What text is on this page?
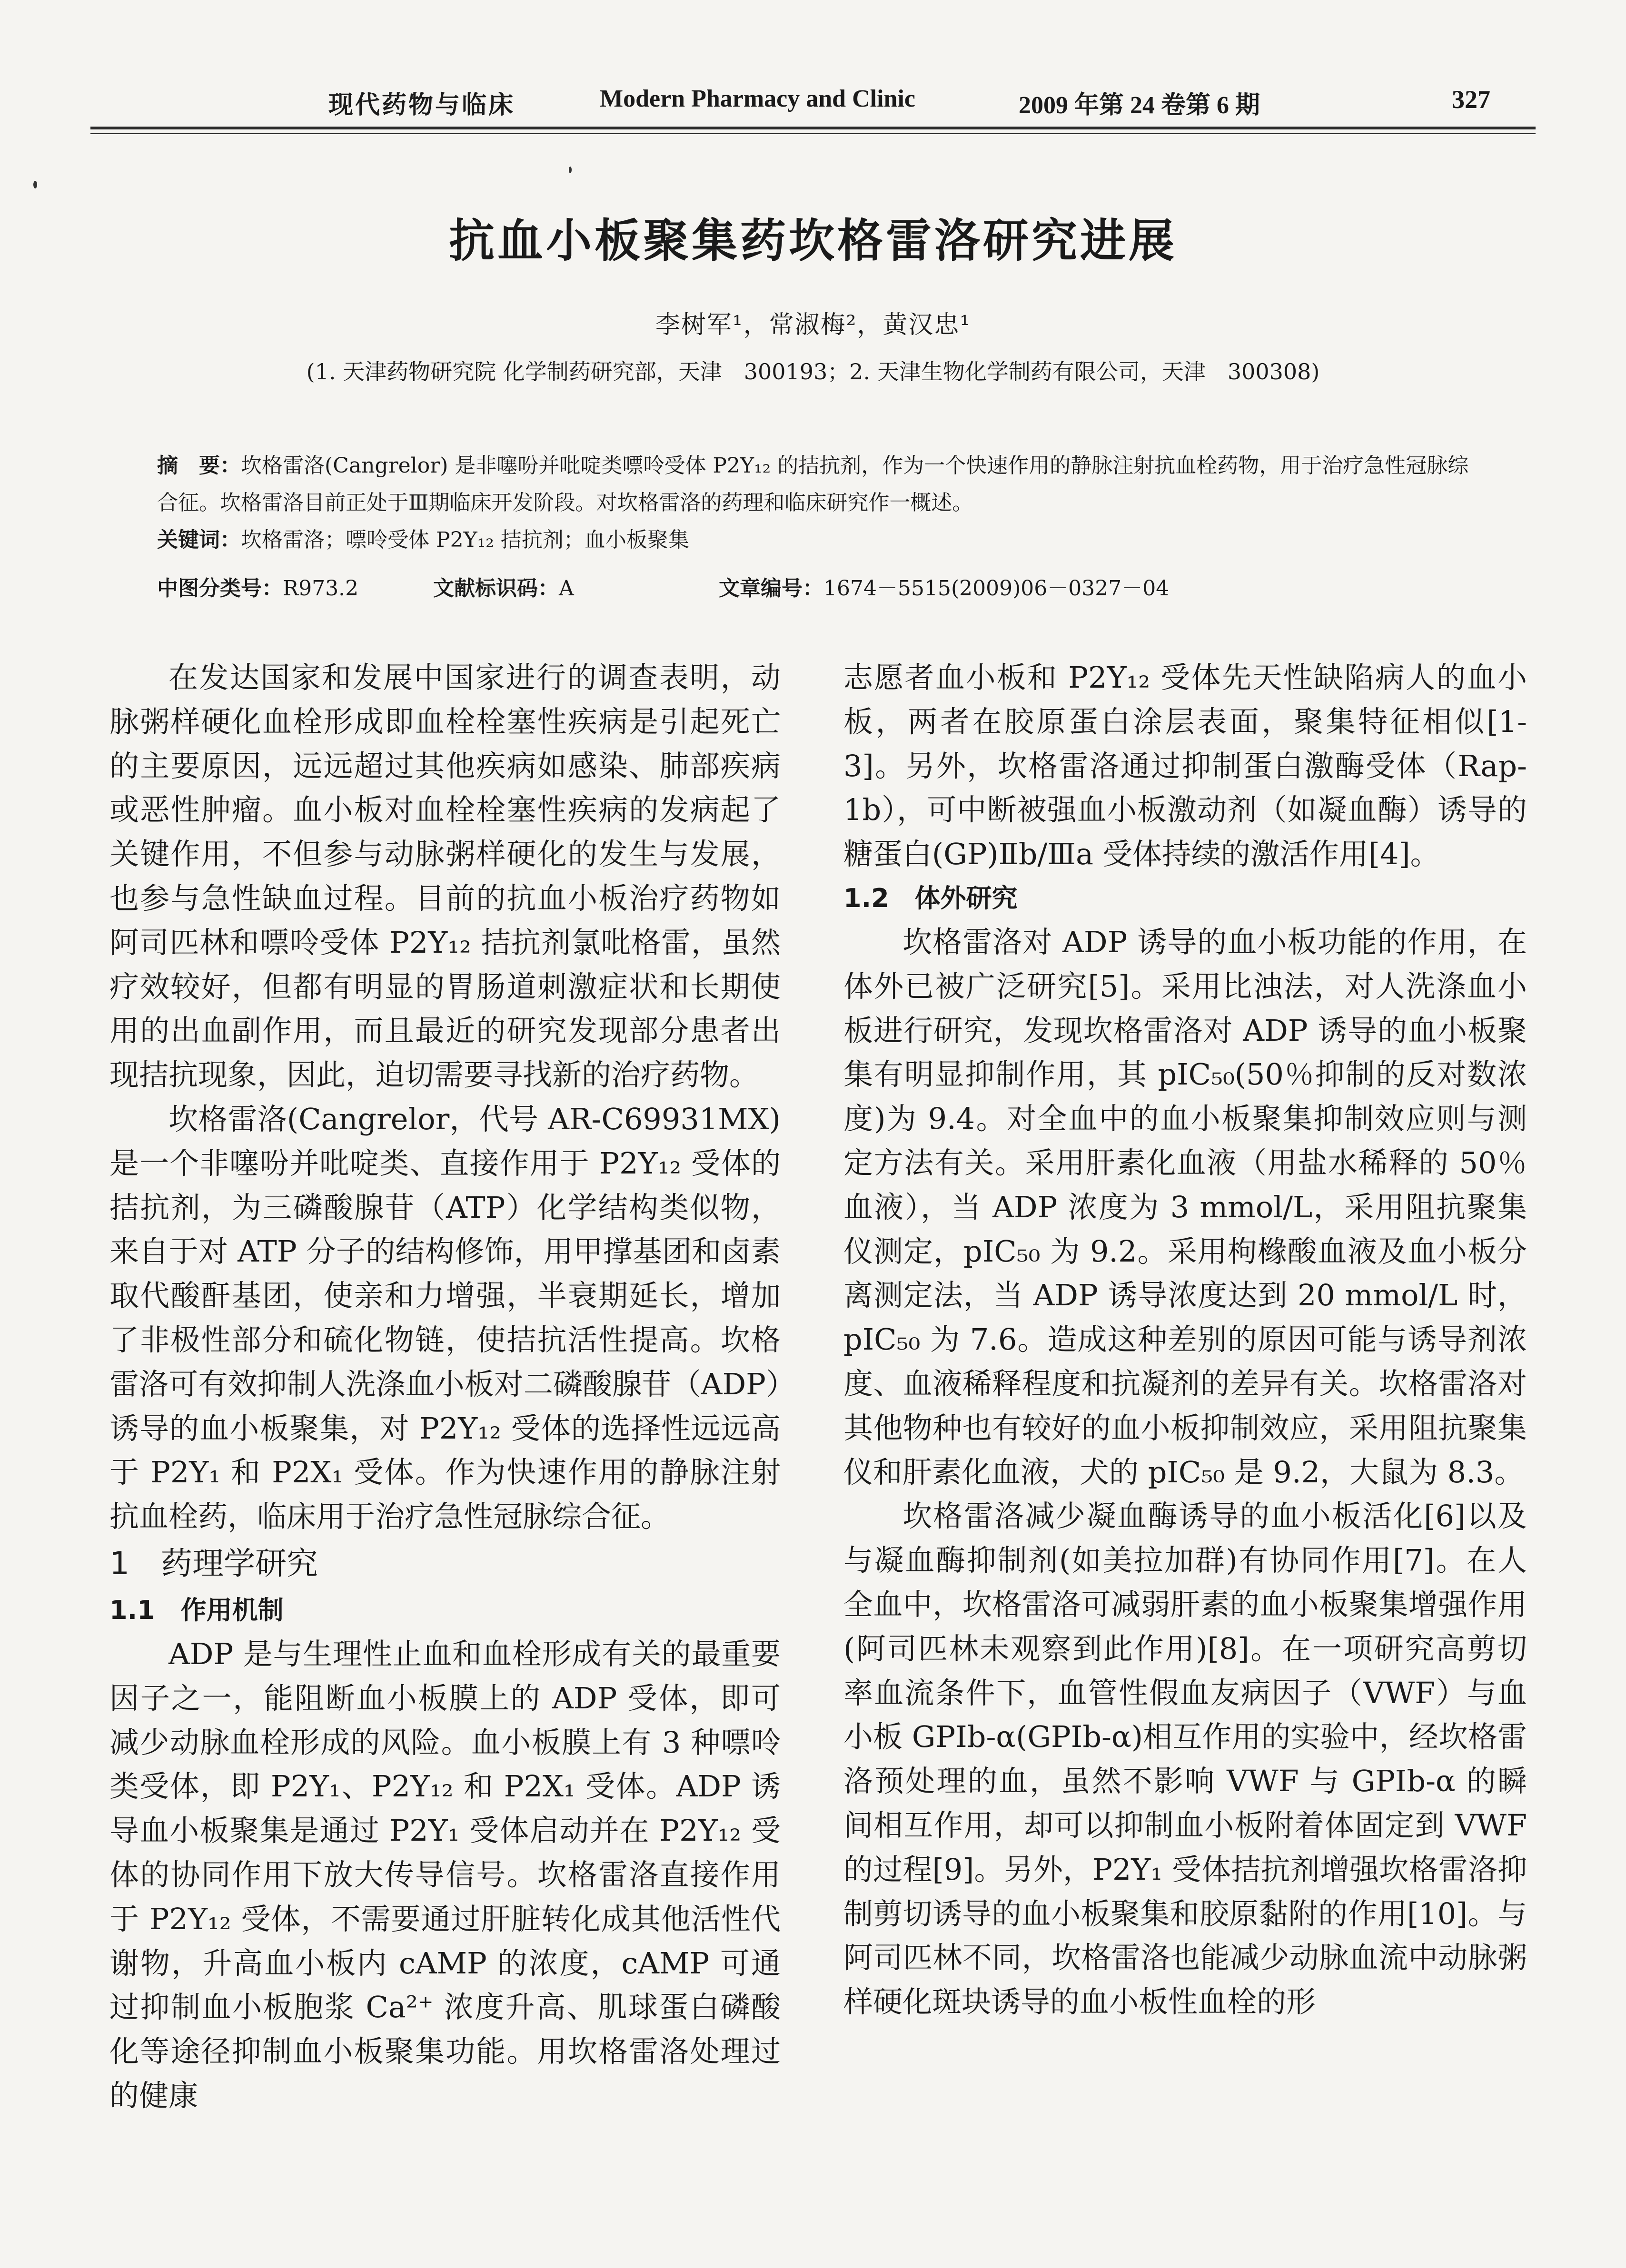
现代药物与临床	Modern Pharmacy and Clinic	2009 年第 24 卷第 6 期	327
抗血小板聚集药坎格雷洛研究进展
李树军¹，常淑梅²，黄汉忠¹
(1. 天津药物研究院 化学制药研究部，天津　300193；2. 天津生物化学制药有限公司，天津　300308)
摘　要：坎格雷洛(Cangrelor) 是非噻吩并吡啶类嘌呤受体 P2Y₁₂ 的拮抗剂，作为一个快速作用的静脉注射抗血栓药物，用于治疗急性冠脉综合征。坎格雷洛目前正处于Ⅲ期临床开发阶段。对坎格雷洛的药理和临床研究作一概述。
关键词：坎格雷洛；嘌呤受体 P2Y₁₂ 拮抗剂；血小板聚集
中图分类号：R973.2	文献标识码：A	文章编号：1674－5515(2009)06－0327－04

在发达国家和发展中国家进行的调查表明，动脉粥样硬化血栓形成即血栓栓塞性疾病是引起死亡的主要原因，远远超过其他疾病如感染、肺部疾病或恶性肿瘤。血小板对血栓栓塞性疾病的发病起了关键作用，不但参与动脉粥样硬化的发生与发展，也参与急性缺血过程。目前的抗血小板治疗药物如阿司匹林和嘌呤受体 P2Y₁₂ 拮抗剂氯吡格雷，虽然疗效较好，但都有明显的胃肠道刺激症状和长期使用的出血副作用，而且最近的研究发现部分患者出现拮抗现象，因此，迫切需要寻找新的治疗药物。

坎格雷洛(Cangrelor，代号 AR-C69931MX)是一个非噻吩并吡啶类、直接作用于 P2Y₁₂ 受体的拮抗剂，为三磷酸腺苷（ATP）化学结构类似物，来自于对 ATP 分子的结构修饰，用甲撑基团和卤素取代酸酐基团，使亲和力增强，半衰期延长，增加了非极性部分和硫化物链，使拮抗活性提高。坎格雷洛可有效抑制人洗涤血小板对二磷酸腺苷（ADP）诱导的血小板聚集，对 P2Y₁₂ 受体的选择性远远高于 P2Y₁ 和 P2X₁ 受体。作为快速作用的静脉注射抗血栓药，临床用于治疗急性冠脉综合征。

1　药理学研究
1.1　作用机制

ADP 是与生理性止血和血栓形成有关的最重要因子之一，能阻断血小板膜上的 ADP 受体，即可减少动脉血栓形成的风险。血小板膜上有 3 种嘌呤类受体，即 P2Y₁、P2Y₁₂ 和 P2X₁ 受体。ADP 诱导血小板聚集是通过 P2Y₁ 受体启动并在 P2Y₁₂ 受体的协同作用下放大传导信号。坎格雷洛直接作用于 P2Y₁₂ 受体，不需要通过肝脏转化成其他活性代谢物，升高血小板内 cAMP 的浓度，cAMP 可通过抑制血小板胞浆 Ca²⁺ 浓度升高、肌球蛋白磷酸化等途径抑制血小板聚集功能。用坎格雷洛处理过的健康

志愿者血小板和 P2Y₁₂ 受体先天性缺陷病人的血小板，两者在胶原蛋白涂层表面，聚集特征相似[1-3]。另外，坎格雷洛通过抑制蛋白激酶受体（Rap-1b），可中断被强血小板激动剂（如凝血酶）诱导的糖蛋白(GP)Ⅱb/Ⅲa 受体持续的激活作用[4]。

1.2　体外研究

坎格雷洛对 ADP 诱导的血小板功能的作用，在体外已被广泛研究[5]。采用比浊法，对人洗涤血小板进行研究，发现坎格雷洛对 ADP 诱导的血小板聚集有明显抑制作用，其 pIC₅₀(50％抑制的反对数浓度)为 9.4。对全血中的血小板聚集抑制效应则与测定方法有关。采用肝素化血液（用盐水稀释的 50％血液），当 ADP 浓度为 3 mmol/L，采用阻抗聚集仪测定，pIC₅₀ 为 9.2。采用枸橼酸血液及血小板分离测定法，当 ADP 诱导浓度达到 20 mmol/L 时，pIC₅₀ 为 7.6。造成这种差别的原因可能与诱导剂浓度、血液稀释程度和抗凝剂的差异有关。坎格雷洛对其他物种也有较好的血小板抑制效应，采用阻抗聚集仪和肝素化血液，犬的 pIC₅₀ 是 9.2，大鼠为 8.3。

坎格雷洛减少凝血酶诱导的血小板活化[6]以及与凝血酶抑制剂(如美拉加群)有协同作用[7]。在人全血中，坎格雷洛可减弱肝素的血小板聚集增强作用(阿司匹林未观察到此作用)[8]。在一项研究高剪切率血流条件下，血管性假血友病因子（VWF）与血小板 GPⅠb-α(GPⅠb-α)相互作用的实验中，经坎格雷洛预处理的血，虽然不影响 VWF 与 GPIb-α 的瞬间相互作用，却可以抑制血小板附着体固定到 VWF 的过程[9]。另外，P2Y₁ 受体拮抗剂增强坎格雷洛抑制剪切诱导的血小板聚集和胶原黏附的作用[10]。与阿司匹林不同，坎格雷洛也能减少动脉血流中动脉粥样硬化斑块诱导的血小板性血栓的形
